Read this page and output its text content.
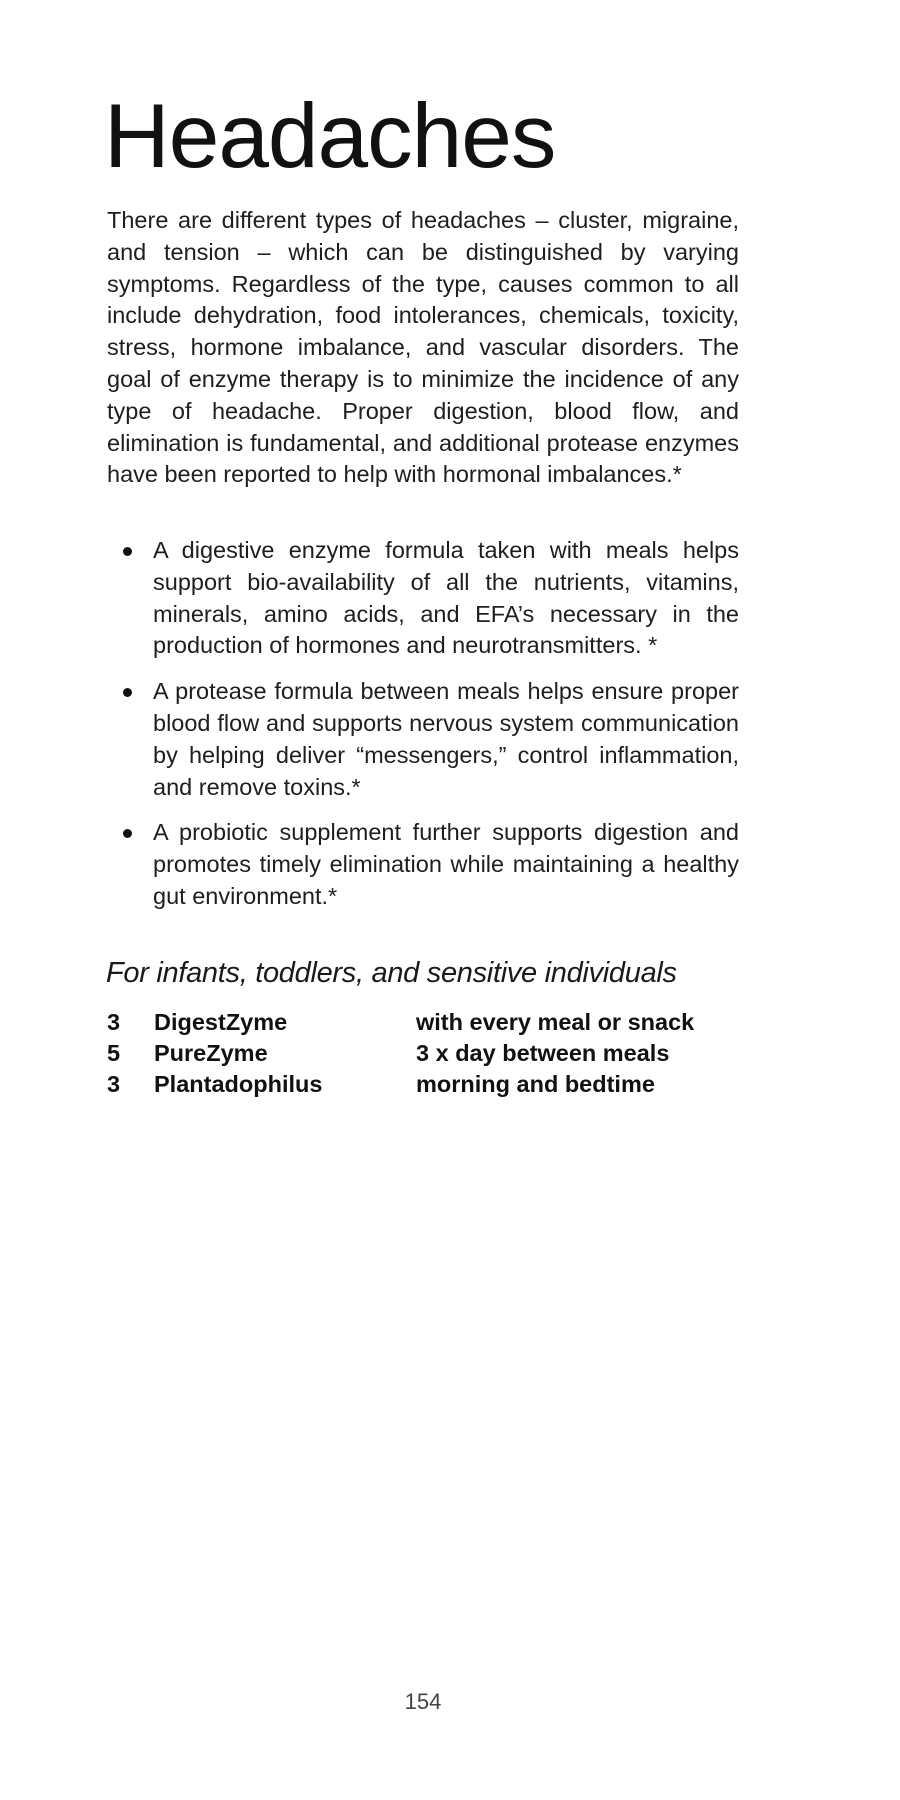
Headaches

There are different types of headaches – cluster, migraine, and tension – which can be distinguished by varying symptoms. Regardless of the type, causes common to all include dehydration, food intolerances, chemicals, toxicity, stress, hormone imbalance, and vascular disorders. The goal of enzyme therapy is to minimize the incidence of any type of headache. Proper digestion, blood flow, and elimination is fundamental, and additional protease enzymes have been reported to help with hormonal imbalances.*

A digestive enzyme formula taken with meals helps support bio-availability of all the nutrients, vitamins, minerals, amino acids, and EFA’s necessary in the production of hormones and neurotransmitters. *
A protease formula between meals helps ensure proper blood flow and supports nervous system communication by helping deliver “messengers,” control inflammation, and remove toxins.*
A probiotic supplement further supports digestion and promotes timely elimination while maintaining a healthy gut environment.*
For infants, toddlers, and sensitive individuals
3 DigestZyme	with every meal or snack
5 PureZyme	3 x day between meals
3 Plantadophilus	morning and bedtime
154
